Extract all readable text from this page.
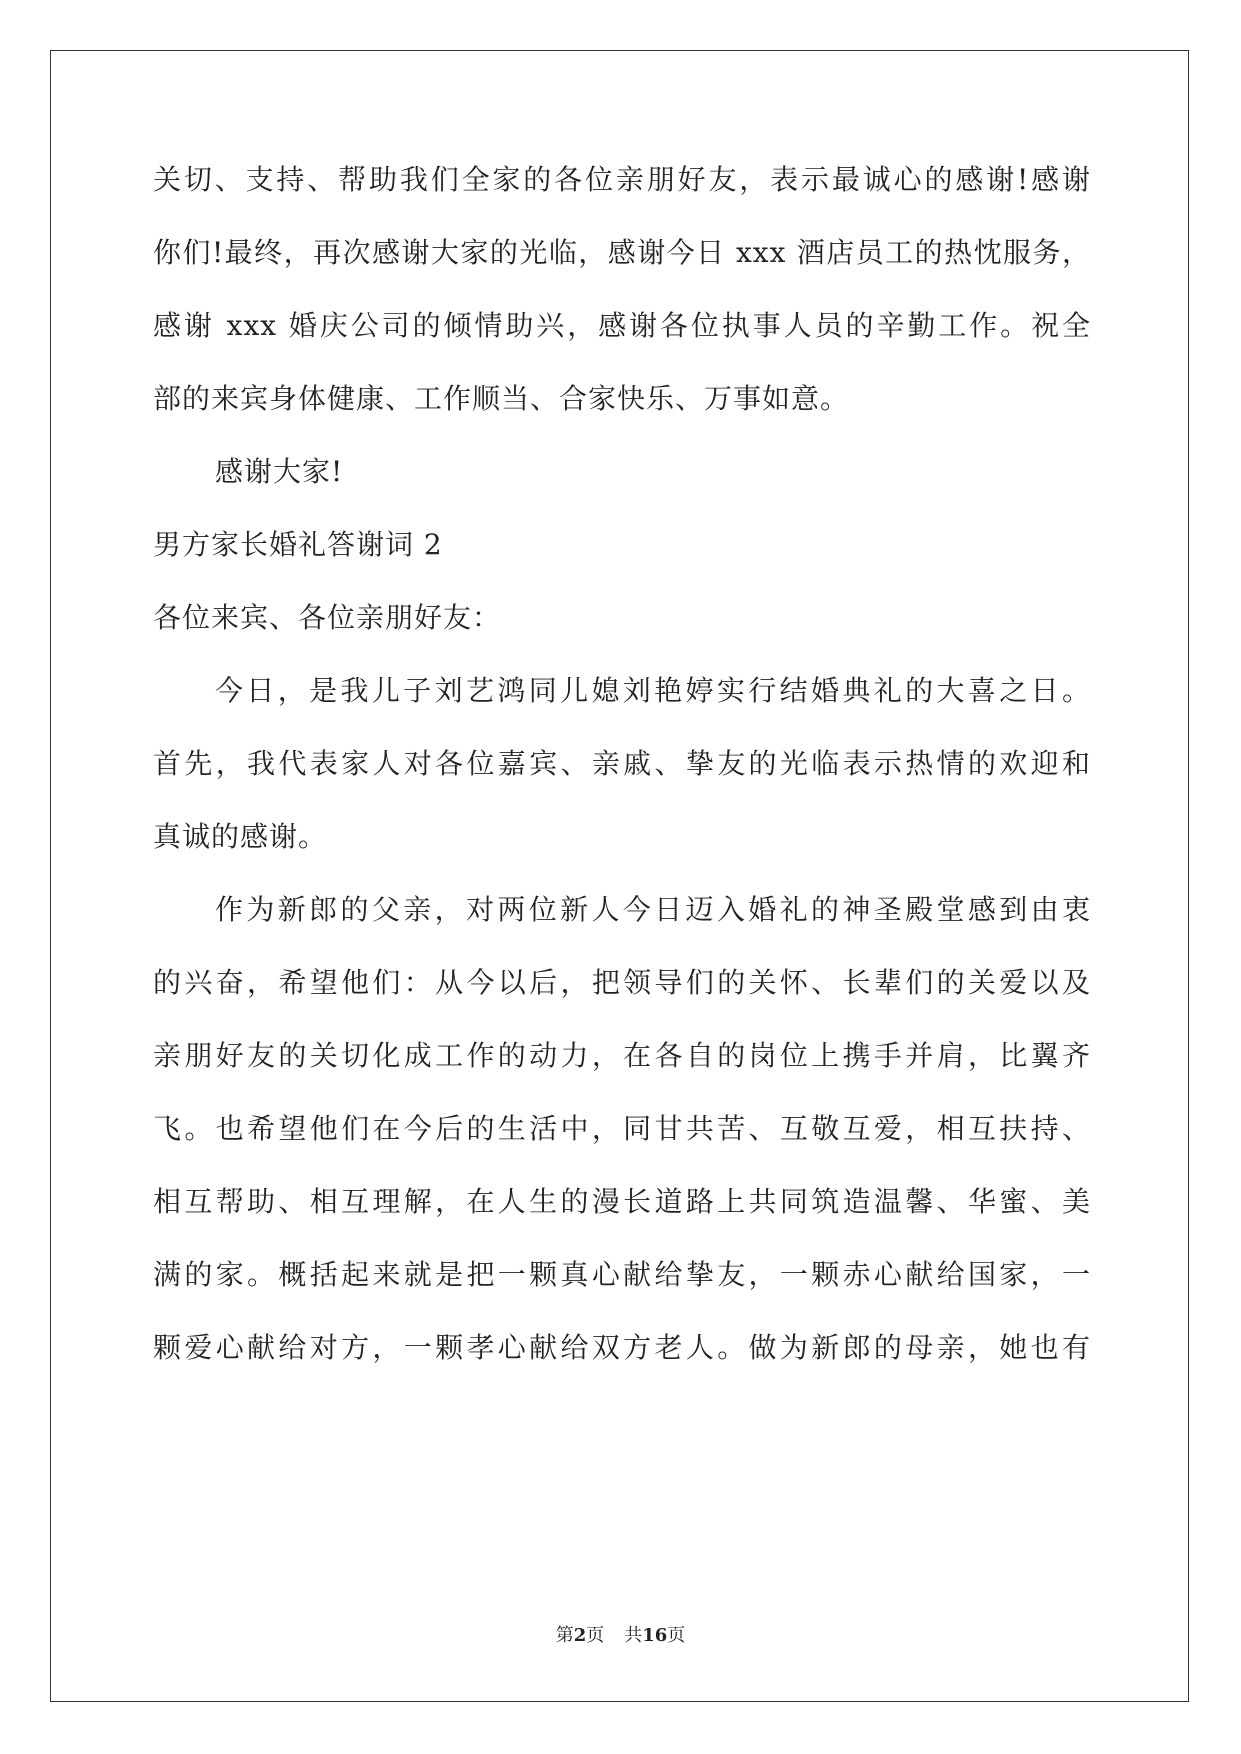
关切、支持、帮助我们全家的各位亲朋好友，表示最诚心的感谢!感谢
你们!最终，再次感谢大家的光临，感谢今日 xxx 酒店员工的热忱服务，
感谢 xxx 婚庆公司的倾情助兴，感谢各位执事人员的辛勤工作。祝全
部的来宾身体健康、工作顺当、合家快乐、万事如意。
感谢大家!
男方家长婚礼答谢词 2
各位来宾、各位亲朋好友：
今日，是我儿子刘艺鸿同儿媳刘艳婷实行结婚典礼的大喜之日。
首先，我代表家人对各位嘉宾、亲戚、挚友的光临表示热情的欢迎和
真诚的感谢。
作为新郎的父亲，对两位新人今日迈入婚礼的神圣殿堂感到由衷
的兴奋，希望他们：从今以后，把领导们的关怀、长辈们的关爱以及
亲朋好友的关切化成工作的动力，在各自的岗位上携手并肩，比翼齐
飞。也希望他们在今后的生活中，同甘共苦、互敬互爱，相互扶持、
相互帮助、相互理解，在人生的漫长道路上共同筑造温馨、华蜜、美
满的家。概括起来就是把一颗真心献给挚友，一颗赤心献给国家，一
颗爱心献给对方，一颗孝心献给双方老人。做为新郎的母亲，她也有
第2页 共16页
